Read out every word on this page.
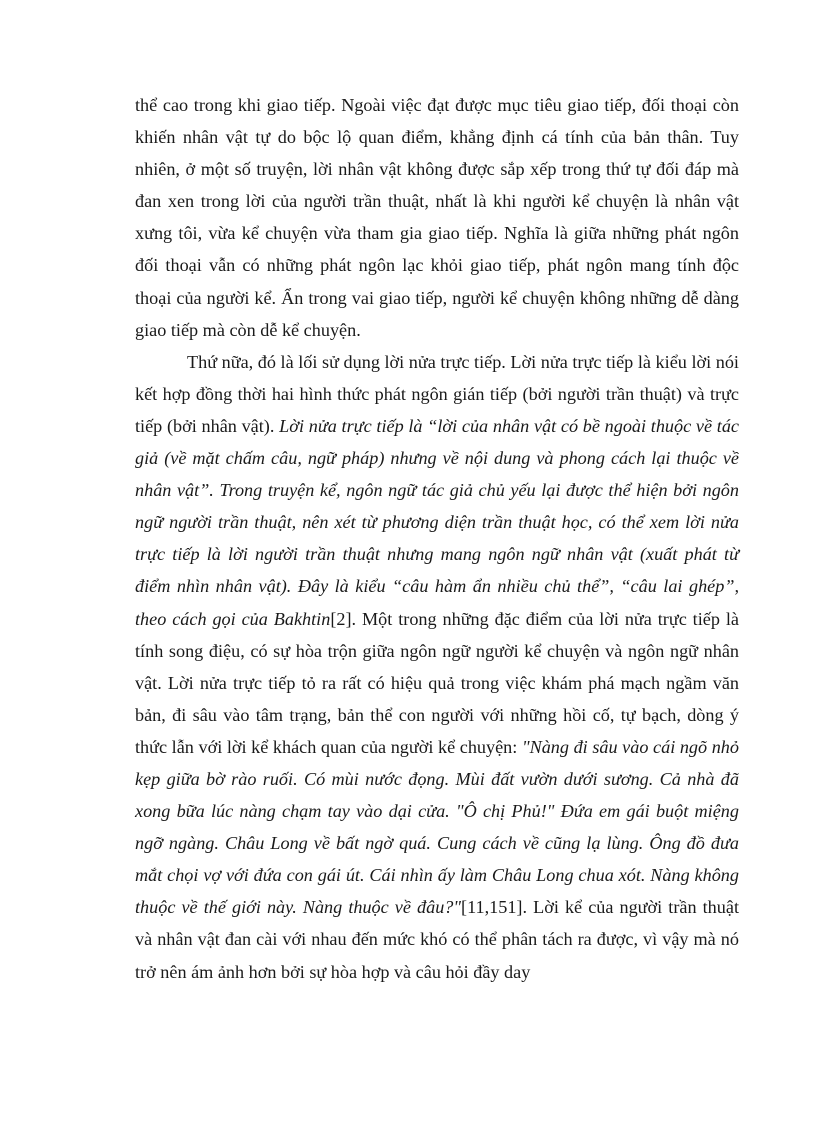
thể cao trong khi giao tiếp. Ngoài việc đạt được mục tiêu giao tiếp, đối thoại còn khiến nhân vật tự do bộc lộ quan điểm, khẳng định cá tính của bản thân. Tuy nhiên, ở một số truyện, lời nhân vật không được sắp xếp trong thứ tự đối đáp mà đan xen trong lời của người trần thuật, nhất là khi người kể chuyện là nhân vật xưng tôi, vừa kể chuyện vừa tham gia giao tiếp. Nghĩa là giữa những phát ngôn đối thoại vẫn có những phát ngôn lạc khỏi giao tiếp, phát ngôn mang tính độc thoại của người kể. Ẩn trong vai giao tiếp, người kể chuyện không những dễ dàng giao tiếp mà còn dễ kể chuyện.

Thứ nữa, đó là lối sử dụng lời nửa trực tiếp. Lời nửa trực tiếp là kiểu lời nói kết hợp đồng thời hai hình thức phát ngôn gián tiếp (bởi người trần thuật) và trực tiếp (bởi nhân vật). Lời nửa trực tiếp là “lời của nhân vật có bề ngoài thuộc về tác giả (về mặt chấm câu, ngữ pháp) nhưng về nội dung và phong cách lại thuộc về nhân vật”. Trong truyện kể, ngôn ngữ tác giả chủ yếu lại được thể hiện bởi ngôn ngữ người trần thuật, nên xét từ phương diện trần thuật học, có thể xem lời nửa trực tiếp là lời người trần thuật nhưng mang ngôn ngữ nhân vật (xuất phát từ điểm nhìn nhân vật). Đây là kiểu “câu hàm ẩn nhiều chủ thể”, “câu lai ghép”, theo cách gọi của Bakhtin[2]. Một trong những đặc điểm của lời nửa trực tiếp là tính song điệu, có sự hòa trộn giữa ngôn ngữ người kể chuyện và ngôn ngữ nhân vật. Lời nửa trực tiếp tỏ ra rất có hiệu quả trong việc khám phá mạch ngầm văn bản, đi sâu vào tâm trạng, bản thể con người với những hồi cố, tự bạch, dòng ý thức lẫn với lời kể khách quan của người kể chuyện: "Nàng đi sâu vào cái ngõ nhỏ kẹp giữa bờ rào ruối. Có mùi nước đọng. Mùi đất vườn dưới sương. Cả nhà đã xong bữa lúc nàng chạm tay vào dại cửa. "Ô chị Phủ!" Đứa em gái buột miệng ngỡ ngàng. Châu Long về bất ngờ quá. Cung cách về cũng lạ lùng. Ông đồ đưa mắt chọi vợ với đứa con gái út. Cái nhìn ấy làm Châu Long chua xót. Nàng không thuộc về thế giới này. Nàng thuộc về đâu?"[11,151]. Lời kể của người trần thuật và nhân vật đan cài với nhau đến mức khó có thể phân tách ra được, vì vậy mà nó trở nên ám ảnh hơn bởi sự hòa hợp và câu hỏi đầy day
